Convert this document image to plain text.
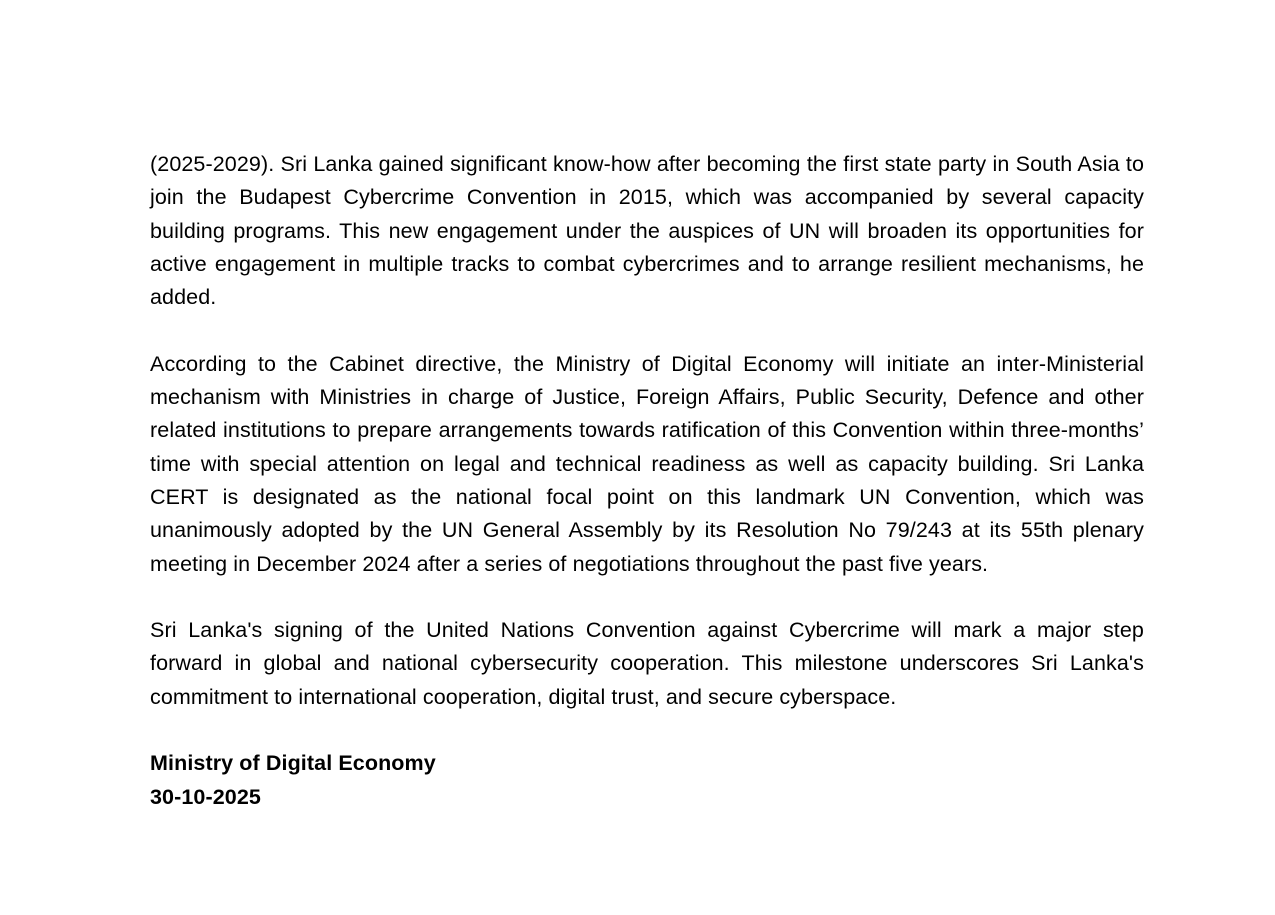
(2025-2029). Sri Lanka gained significant know-how after becoming the first state party in South Asia to join the Budapest Cybercrime Convention in 2015, which was accompanied by several capacity building programs. This new engagement under the auspices of UN will broaden its opportunities for active engagement in multiple tracks to combat cybercrimes and to arrange resilient mechanisms, he added.

According to the Cabinet directive, the Ministry of Digital Economy will initiate an inter-Ministerial mechanism with Ministries in charge of Justice, Foreign Affairs, Public Security, Defence and other related institutions to prepare arrangements towards ratification of this Convention within three-months’ time with special attention on legal and technical readiness as well as capacity building. Sri Lanka CERT is designated as the national focal point on this landmark UN Convention, which was unanimously adopted by the UN General Assembly by its Resolution No 79/243 at its 55th plenary meeting in December 2024 after a series of negotiations throughout the past five years.

Sri Lanka's signing of the United Nations Convention against Cybercrime will mark a major step forward in global and national cybersecurity cooperation. This milestone underscores Sri Lanka's commitment to international cooperation, digital trust, and secure cyberspace.

Ministry of Digital Economy

30-10-2025
